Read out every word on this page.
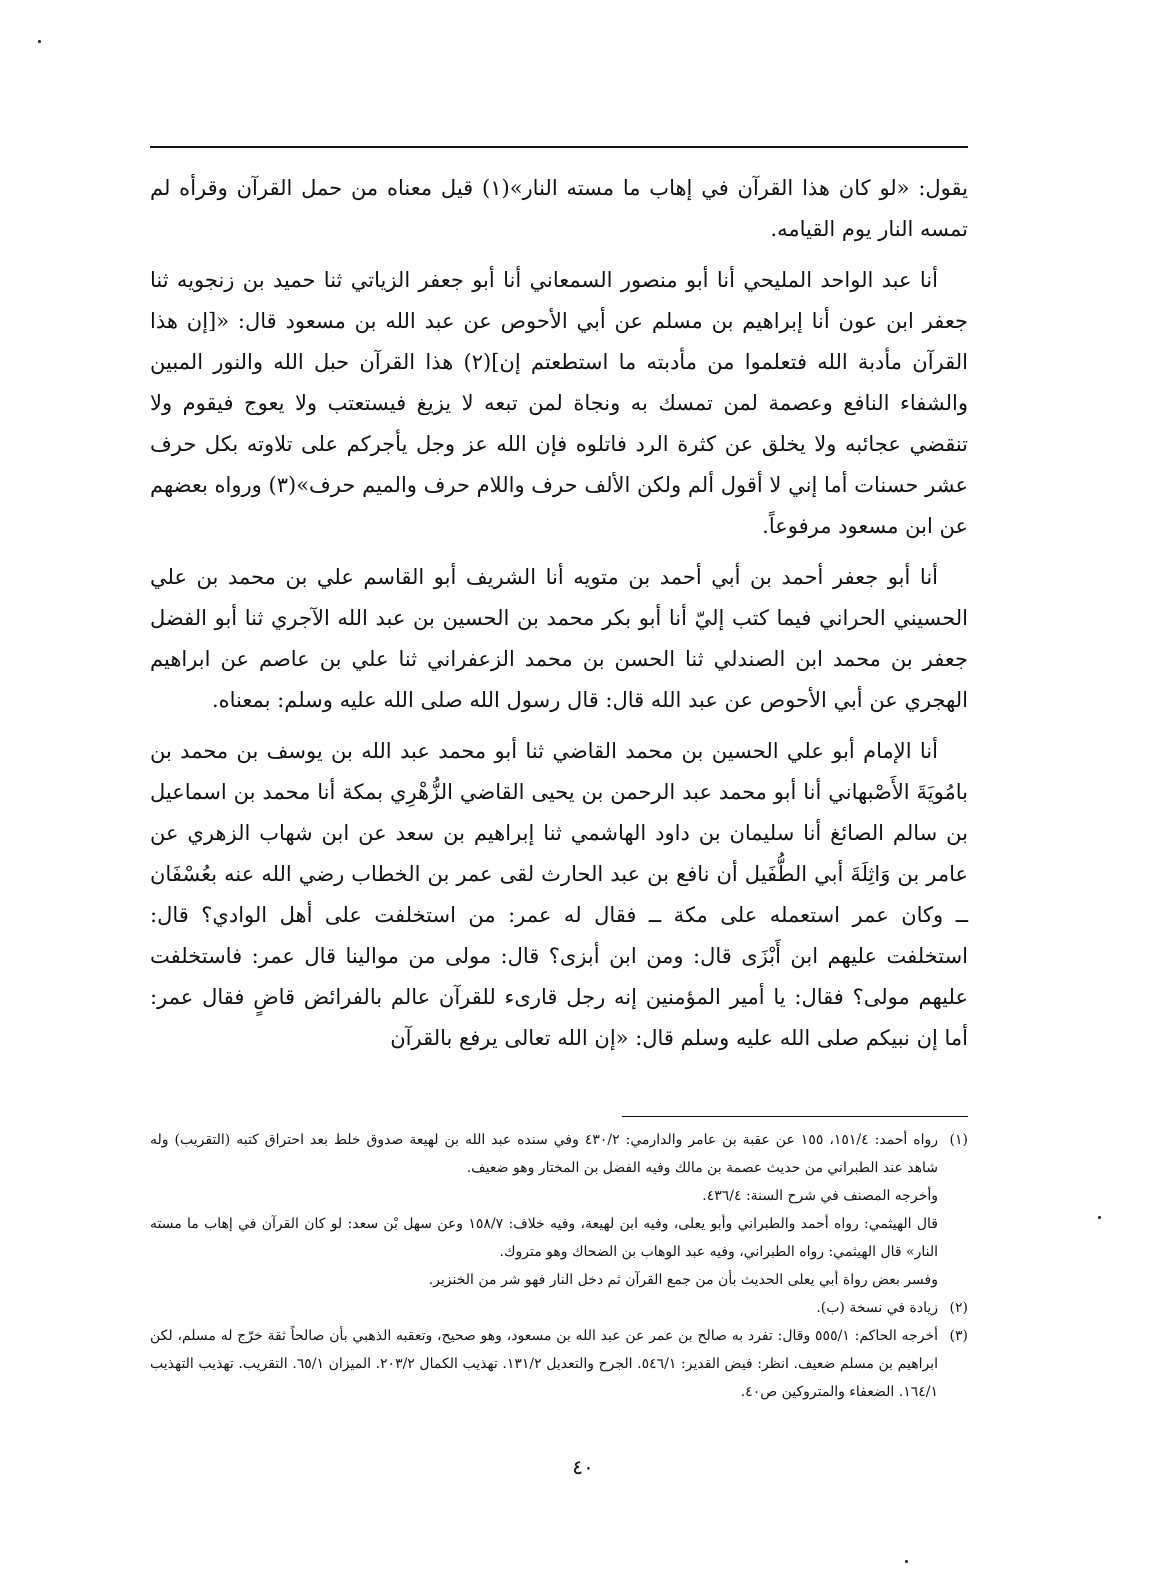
يقول: «لو كان هذا القرآن في إهاب ما مسته النار»(١) قيل معناه من حمل القرآن وقرأه لم تمسه النار يوم القيامه.

أنا عبد الواحد المليحي أنا أبو منصور السمعاني أنا أبو جعفر الزياتي ثنا حميد بن زنجويه ثنا جعفر ابن عون أنا إبراهيم بن مسلم عن أبي الأحوص عن عبد الله بن مسعود قال: «[إن هذا القرآن مأدبة الله فتعلموا من مأدبته ما استطعتم إن](٢) هذا القرآن حبل الله والنور المبين والشفاء النافع وعصمة لمن تمسك به ونجاة لمن تبعه لا يزيغ فيستعتب ولا يعوج فيقوم ولا تنقضي عجائبه ولا يخلق عن كثرة الرد فاتلوه فإن الله عز وجل يأجركم على تلاوته بكل حرف عشر حسنات أما إني لا أقول ألم ولكن الألف حرف واللام حرف والميم حرف»(٣) ورواه بعضهم عن ابن مسعود مرفوعاً.

أنا أبو جعفر أحمد بن أبي أحمد بن متويه أنا الشريف أبو القاسم علي بن محمد بن علي الحسيني الحراني فيما كتب إليّ أنا أبو بكر محمد بن الحسين بن عبد الله الآجري ثنا أبو الفضل جعفر بن محمد ابن الصندلي ثنا الحسن بن محمد الزعفراني ثنا علي بن عاصم عن ابراهيم الهجري عن أبي الأحوص عن عبد الله قال: قال رسول الله صلى الله عليه وسلم: بمعناه.

أنا الإمام أبو علي الحسين بن محمد القاضي ثنا أبو محمد عبد الله بن يوسف بن محمد بن بامُويَةَ الأَصْبهاني أنا أبو محمد عبد الرحمن بن يحيى القاضي الزُّهْرِي بمكة أنا محمد بن اسماعيل بن سالم الصائغ أنا سليمان بن داود الهاشمي ثنا إبراهيم بن سعد عن ابن شهاب الزهري عن عامر بن وَاثِلَةَ أبي الطُّفَيل أن نافع بن عبد الحارث لقى عمر بن الخطاب رضي الله عنه بعُسْفَان ــ وكان عمر استعمله على مكة ــ فقال له عمر: من استخلفت على أهل الوادي؟ قال: استخلفت عليهم ابن أَبْزَى قال: ومن ابن أبزى؟ قال: مولى من موالينا قال عمر: فاستخلفت عليهم مولى؟ فقال: يا أمير المؤمنين إنه رجل قارىء للقرآن عالم بالفرائض قاضٍ فقال عمر: أما إن نبيكم صلى الله عليه وسلم قال: «إن الله تعالى يرفع بالقرآن

(١)

رواه أحمد: ١٥١/٤، ١٥٥ عن عقبة بن عامر والدارمي: ٤٣٠/٢ وفي سنده عبد الله بن لهيعة صدوق خلط بعد احتراق كتبه (التقريب) وله شاهد عند الطبراني من حديث عصمة بن مالك وفيه الفضل بن المختار وهو ضعيف.

وأخرجه المصنف في شرح السنة: ٤٣٦/٤.

قال الهيثمي: رواه أحمد والطبراني وأبو يعلى، وفيه ابن لهيعة، وفيه خلاف: ١٥٨/٧ وعن سهل بْن سعد: لو كان القرآن في إهاب ما مسته النار» قال الهيثمي: رواه الطبراني، وفيه عبد الوهاب بن الضحاك وهو متروك.

وفسر بعض رواة أبي يعلى الحديث بأن من جمع القرآن ثم دخل النار فهو شر من الخنزير.

(٢)

زيادة في نسخة (ب).

(٣)

أخرجه الحاكم: ٥٥٥/١ وقال: تفرد به صالح بن عمر عن عبد الله بن مسعود، وهو صحيح، وتعقبه الذهبي بأن صالحاً ثقة خرّج له مسلم، لكن ابراهيم بن مسلم ضعيف. انظر: فيض القدير: ٥٤٦/١. الجرح والتعديل ١٣١/٢. تهذيب الكمال ٢٠٣/٢. الميزان ٦٥/١. التقريب. تهذيب التهذيب ١٦٤/١. الضعفاء والمتروكين ص٤٠.

٤٠
